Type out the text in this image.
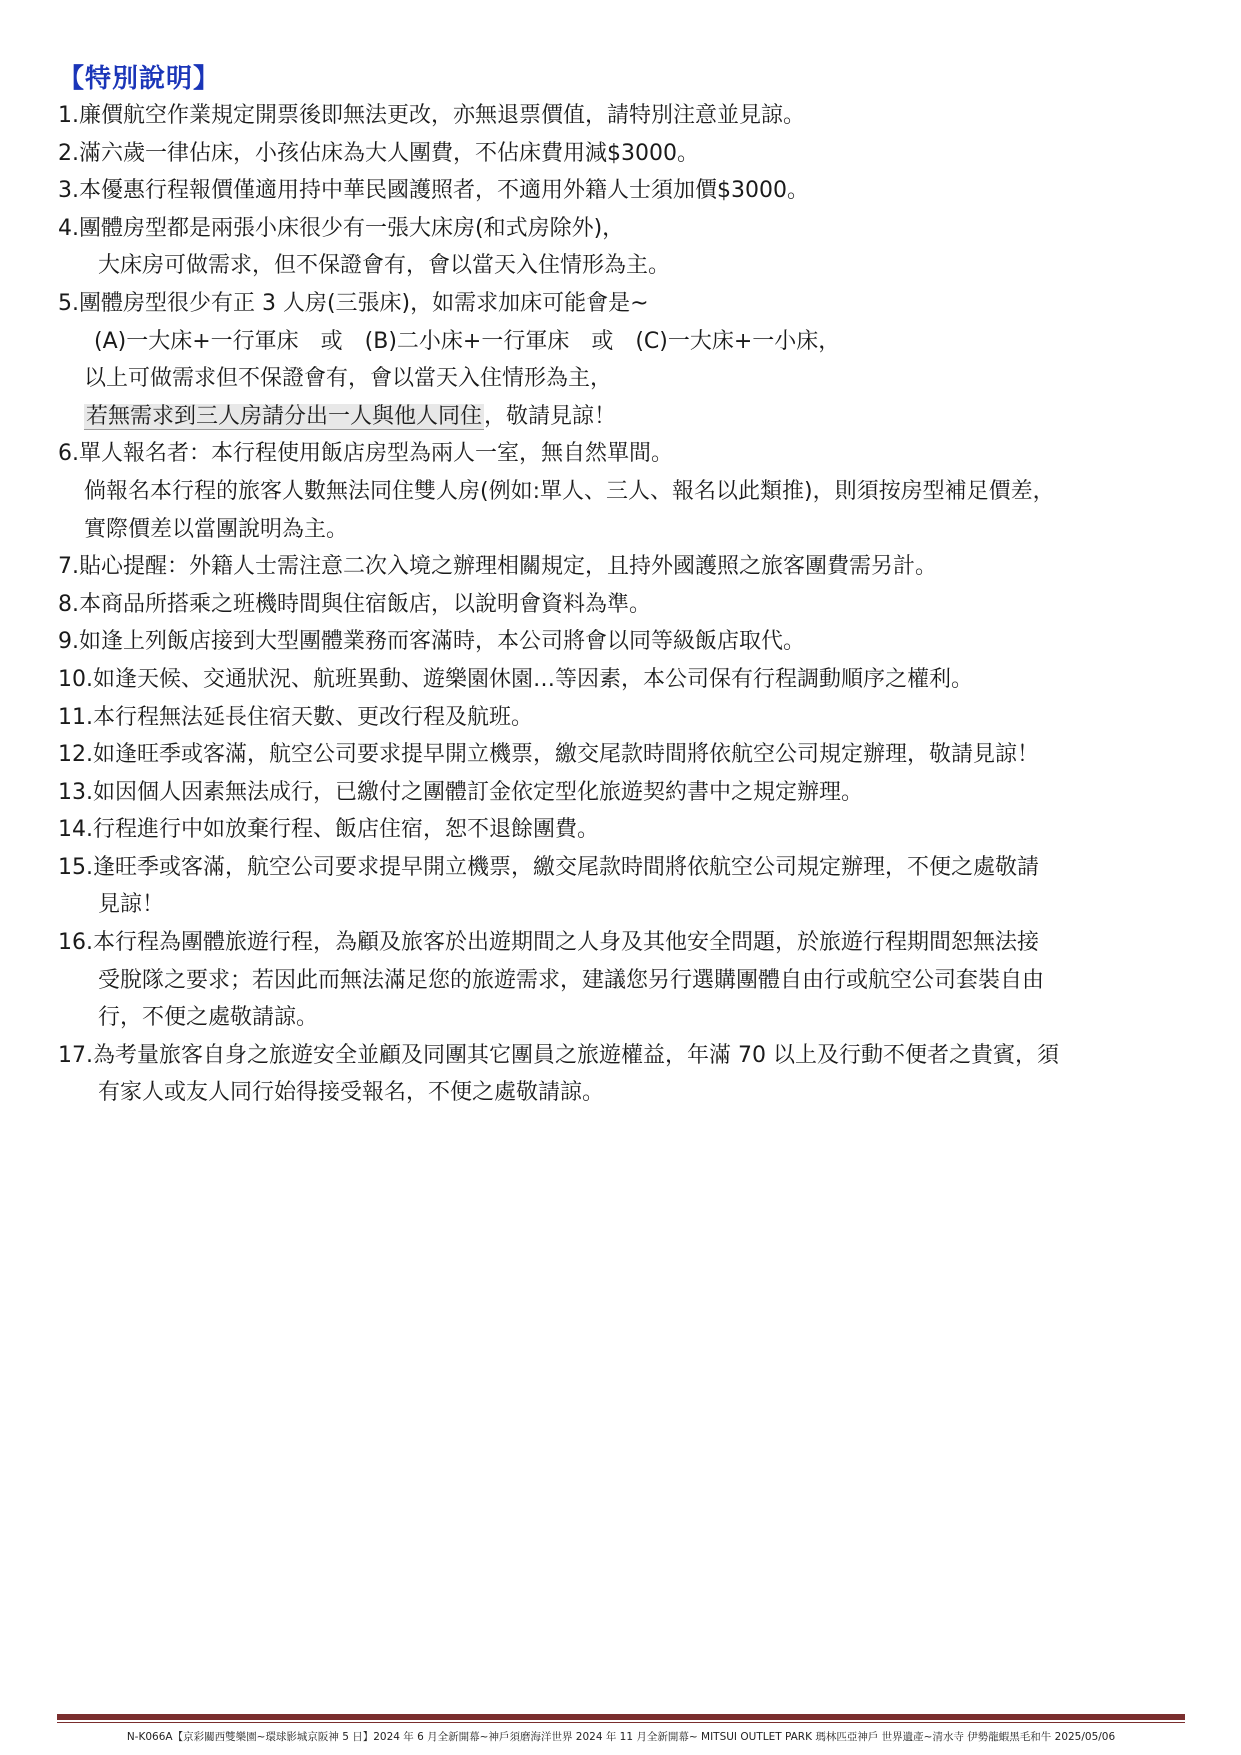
【特別說明】
1.廉價航空作業規定開票後即無法更改，亦無退票價值，請特別注意並見諒。
2.滿六歲一律佔床，小孩佔床為大人團費，不佔床費用減$3000。
3.本優惠行程報價僅適用持中華民國護照者，不適用外籍人士須加價$3000。
4.團體房型都是兩張小床很少有一張大床房(和式房除外)，
大床房可做需求，但不保證會有，會以當天入住情形為主。
5.團體房型很少有正 3 人房(三張床)，如需求加床可能會是~
(A)一大床+一行軍床　或　(B)二小床+一行軍床　或　(C)一大床+一小床，
以上可做需求但不保證會有，會以當天入住情形為主，
若無需求到三人房請分出一人與他人同住，敬請見諒！
6.單人報名者：本行程使用飯店房型為兩人一室，無自然單間。
倘報名本行程的旅客人數無法同住雙人房(例如:單人、三人、報名以此類推)，則須按房型補足價差，
實際價差以當團說明為主。
7.貼心提醒：外籍人士需注意二次入境之辦理相關規定，且持外國護照之旅客團費需另計。
8.本商品所搭乘之班機時間與住宿飯店，以說明會資料為準。
9.如逢上列飯店接到大型團體業務而客滿時，本公司將會以同等級飯店取代。
10.如逢天候、交通狀況、航班異動、遊樂園休園…等因素，本公司保有行程調動順序之權利。
11.本行程無法延長住宿天數、更改行程及航班。
12.如逢旺季或客滿，航空公司要求提早開立機票，繳交尾款時間將依航空公司規定辦理，敬請見諒！
13.如因個人因素無法成行，已繳付之團體訂金依定型化旅遊契約書中之規定辦理。
14.行程進行中如放棄行程、飯店住宿，恕不退餘團費。
15.逢旺季或客滿，航空公司要求提早開立機票，繳交尾款時間將依航空公司規定辦理，不便之處敬請
見諒！
16.本行程為團體旅遊行程，為顧及旅客於出遊期間之人身及其他安全問題，於旅遊行程期間恕無法接
受脫隊之要求；若因此而無法滿足您的旅遊需求，建議您另行選購團體自由行或航空公司套裝自由
行，不便之處敬請諒。
17.為考量旅客自身之旅遊安全並顧及同團其它團員之旅遊權益，年滿 70 以上及行動不便者之貴賓，須
有家人或友人同行始得接受報名，不便之處敬請諒。
N-K066A【京彩關西雙樂園~環球影城京阪神 5 日】2024 年 6 月全新開幕~神戶須磨海洋世界 2024 年 11 月全新開幕~ MITSUI OUTLET PARK 瑪林匹亞神戶 世界遺產~清水寺 伊勢龍蝦黑毛和牛 2025/05/06
